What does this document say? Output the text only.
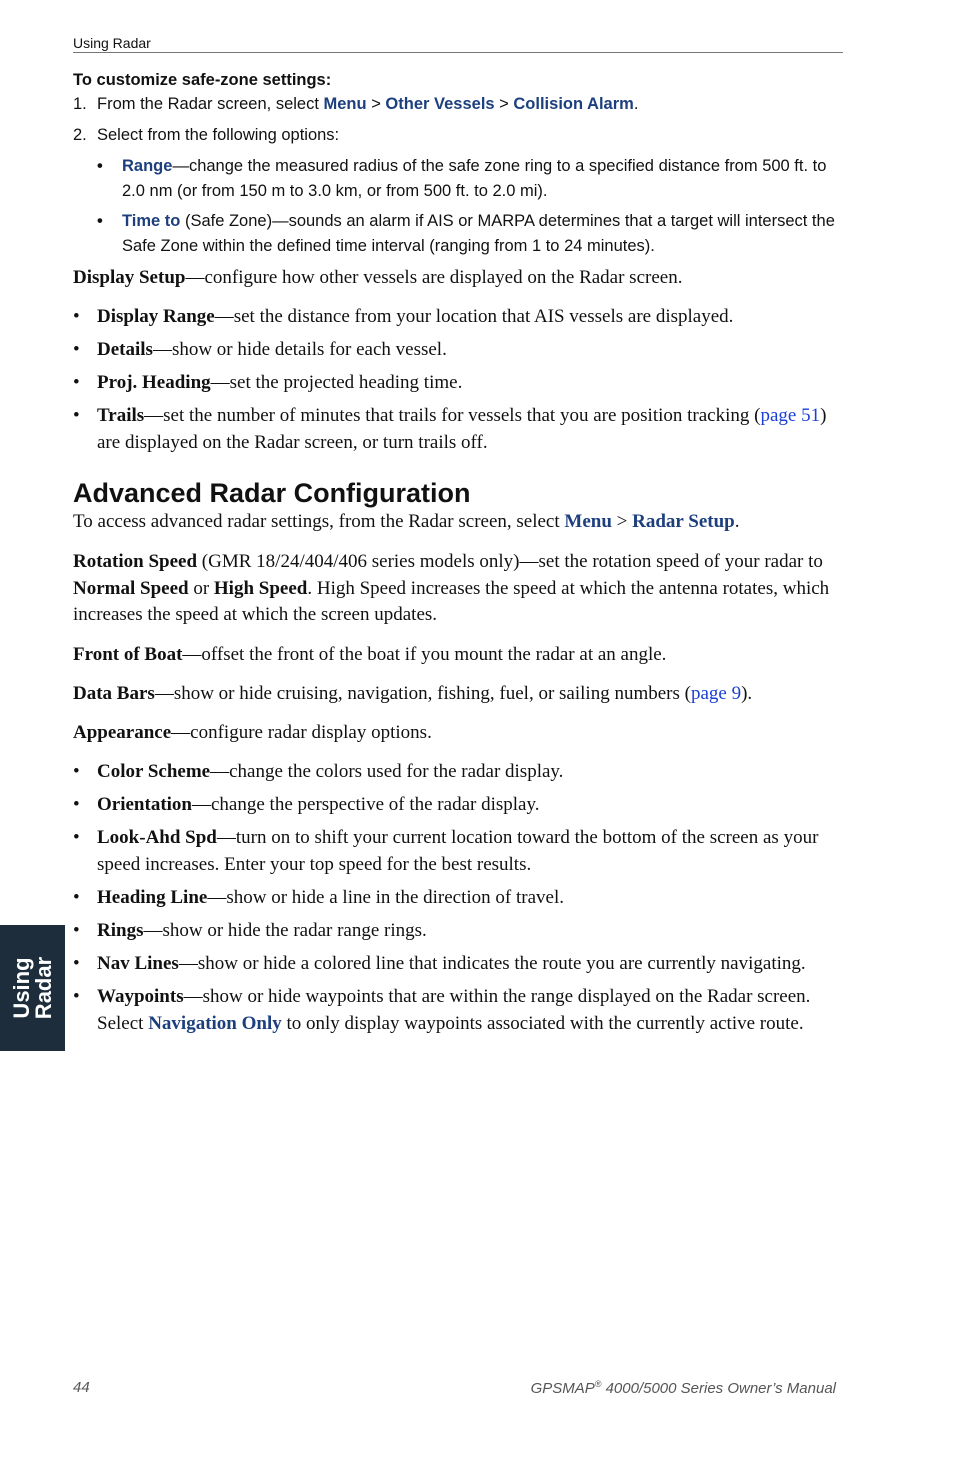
Using Radar
To customize safe-zone settings:
1. From the Radar screen, select Menu > Other Vessels > Collision Alarm.
2. Select from the following options:
•	Range—change the measured radius of the safe zone ring to a specified distance from 500 ft. to 2.0 nm (or from 150 m to 3.0 km, or from 500 ft. to 2.0 mi).
•	Time to (Safe Zone)—sounds an alarm if AIS or MARPA determines that a target will intersect the Safe Zone within the defined time interval (ranging from 1 to 24 minutes).
Display Setup—configure how other vessels are displayed on the Radar screen.
• Display Range—set the distance from your location that AIS vessels are displayed.
• Details—show or hide details for each vessel.
• Proj. Heading—set the projected heading time.
• Trails—set the number of minutes that trails for vessels that you are position tracking (page 51) are displayed on the Radar screen, or turn trails off.
Advanced Radar Configuration
To access advanced radar settings, from the Radar screen, select Menu > Radar Setup.
Rotation Speed (GMR 18/24/404/406 series models only)—set the rotation speed of your radar to Normal Speed or High Speed. High Speed increases the speed at which the antenna rotates, which increases the speed at which the screen updates.
Front of Boat—offset the front of the boat if you mount the radar at an angle.
Data Bars—show or hide cruising, navigation, fishing, fuel, or sailing numbers (page 9).
Appearance—configure radar display options.
• Color Scheme—change the colors used for the radar display.
• Orientation—change the perspective of the radar display.
• Look-Ahd Spd—turn on to shift your current location toward the bottom of the screen as your speed increases. Enter your top speed for the best results.
• Heading Line—show or hide a line in the direction of travel.
• Rings—show or hide the radar range rings.
• Nav Lines—show or hide a colored line that indicates the route you are currently navigating.
• Waypoints—show or hide waypoints that are within the range displayed on the Radar screen. Select Navigation Only to only display waypoints associated with the currently active route.
Using
Radar
44	GPSMAP® 4000/5000 Series Owner’s Manual
